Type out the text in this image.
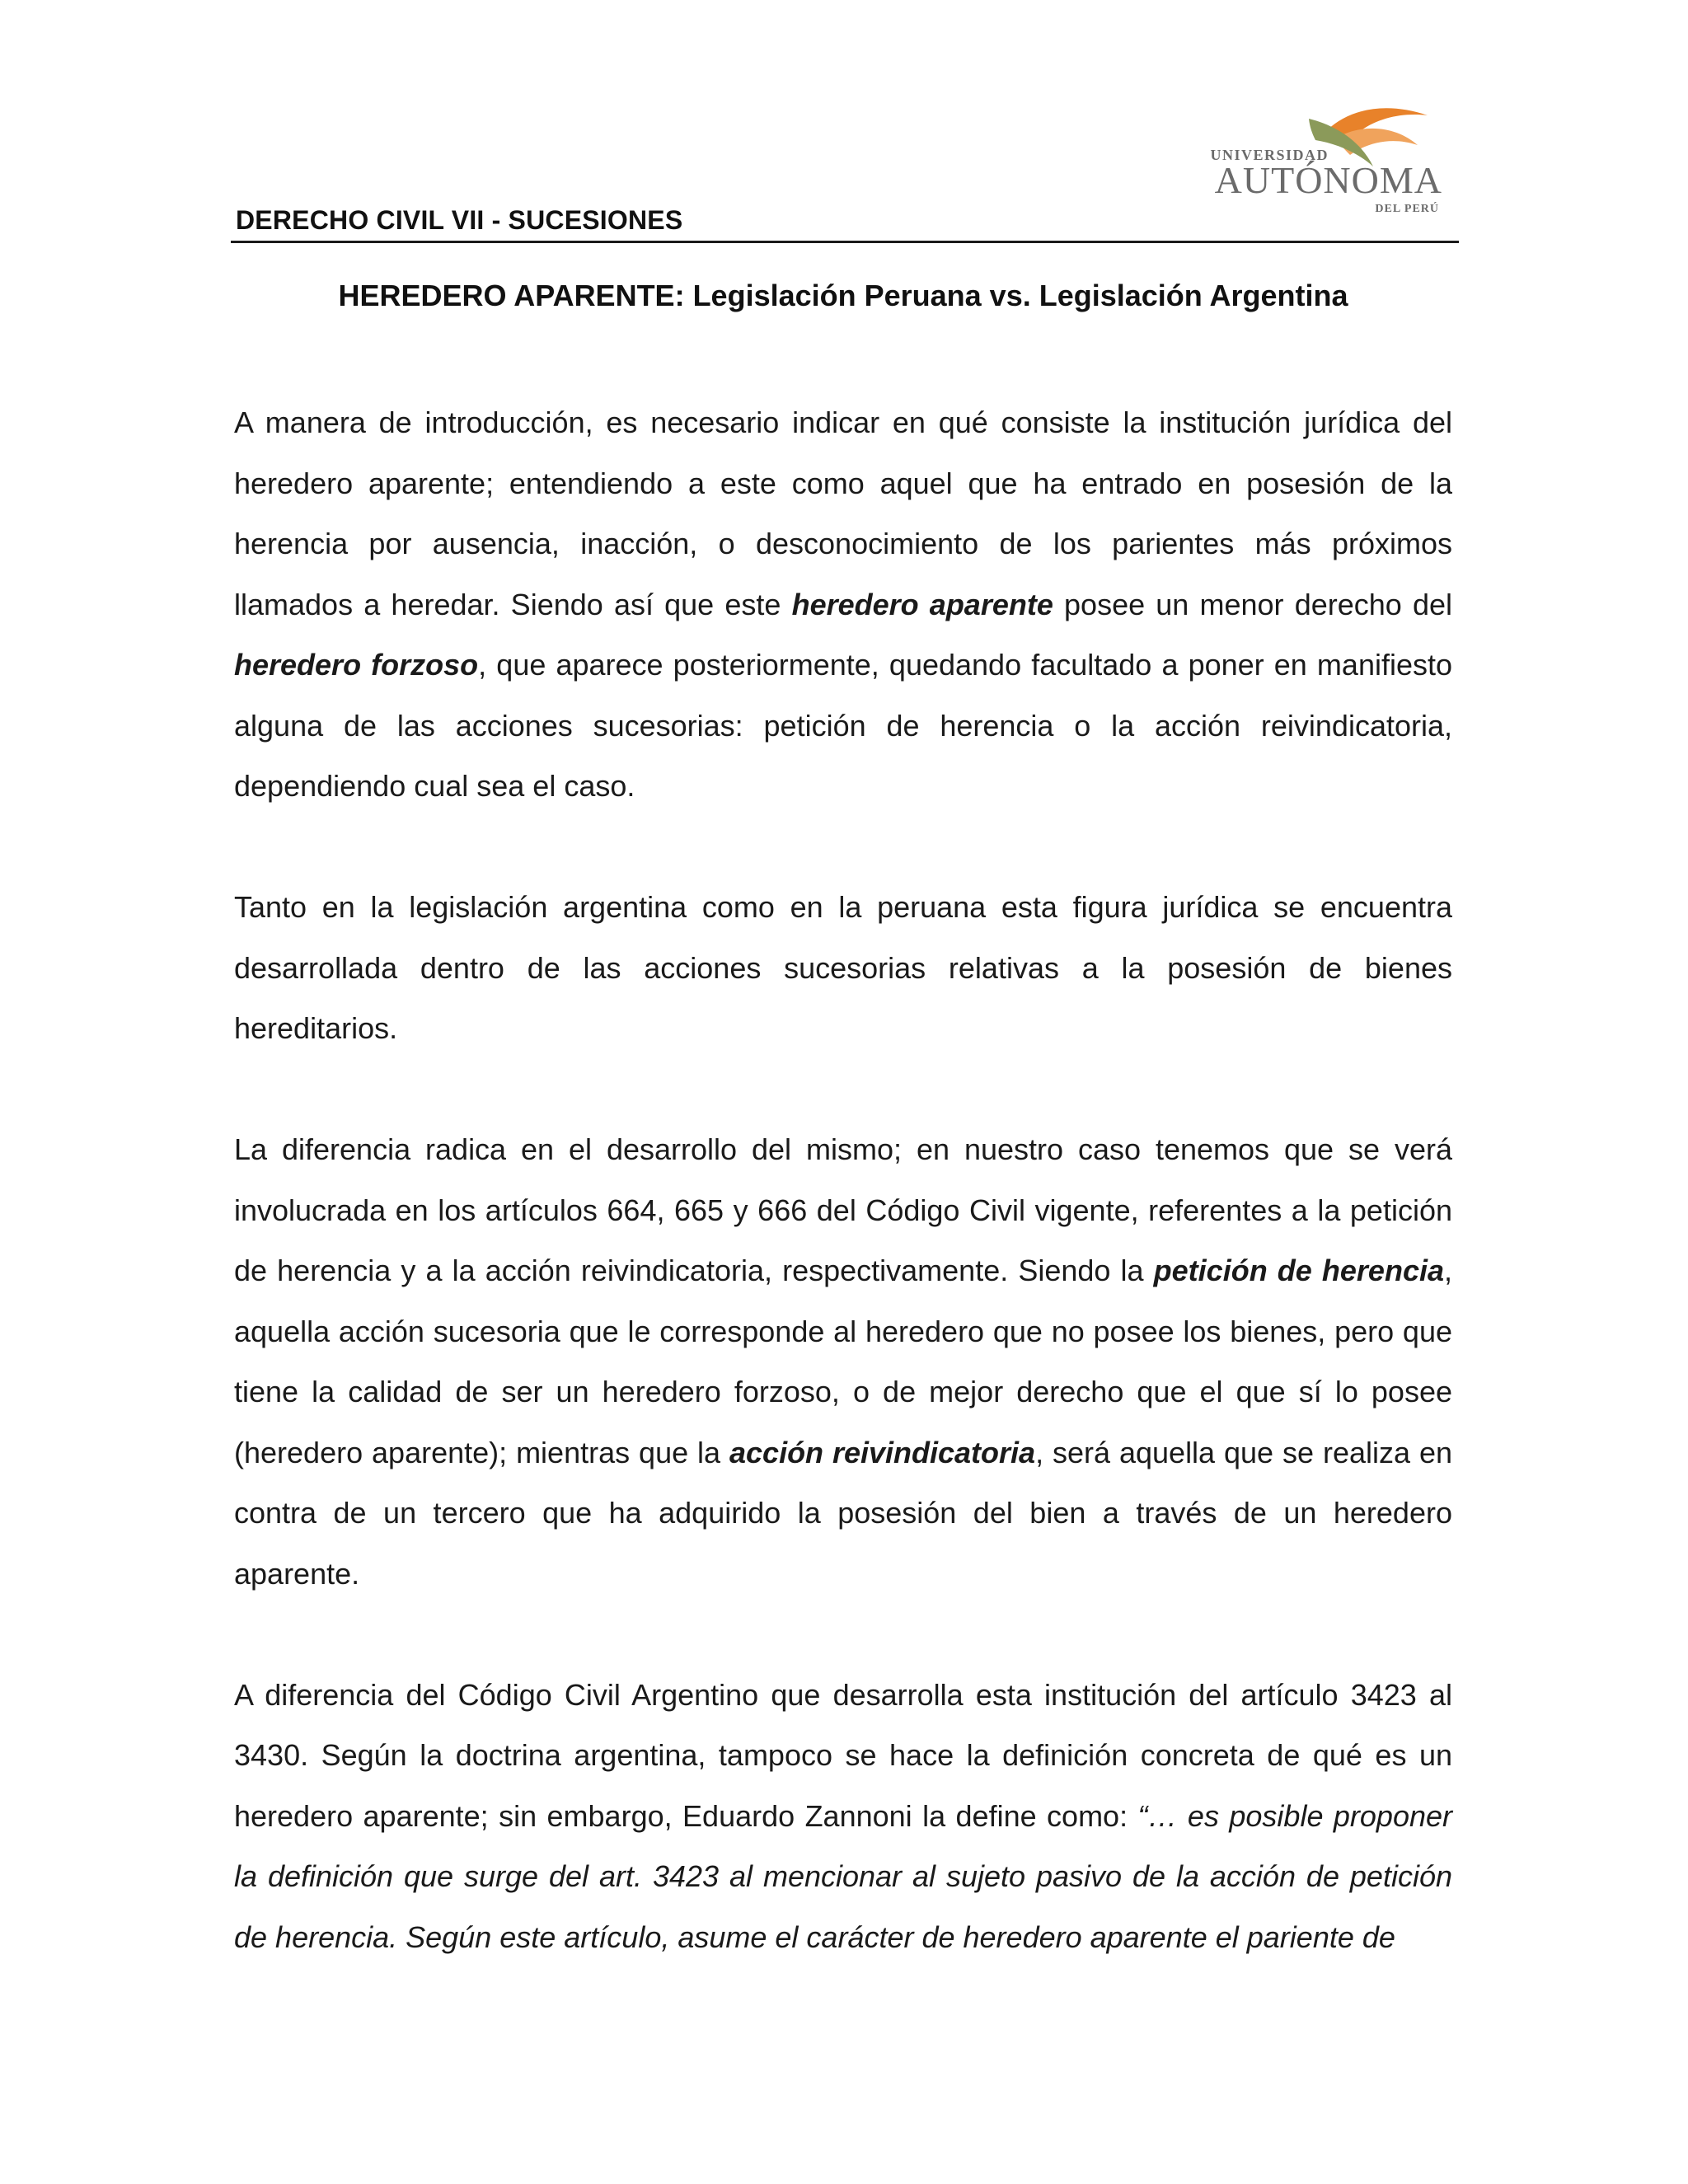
DERECHO CIVIL VII - SUCESIONES
UNIVERSIDAD
AUTÓNOMA
DEL PERÚ
HEREDERO APARENTE: Legislación Peruana vs. Legislación Argentina

A manera de introducción, es necesario indicar en qué consiste la institución jurídica del heredero aparente; entendiendo a este como aquel que ha entrado en posesión de la herencia por ausencia, inacción, o desconocimiento de los parientes más próximos llamados a heredar. Siendo así que este heredero aparente posee un menor derecho del heredero forzoso, que aparece posteriormente, quedando facultado a poner en manifiesto alguna de las acciones sucesorias: petición de herencia o la acción reivindicatoria, dependiendo cual sea el caso.

Tanto en la legislación argentina como en la peruana esta figura jurídica se encuentra desarrollada dentro de las acciones sucesorias relativas a la posesión de bienes hereditarios.

La diferencia radica en el desarrollo del mismo; en nuestro caso tenemos que se verá involucrada en los artículos 664, 665 y 666 del Código Civil vigente, referentes a la petición de herencia y a la acción reivindicatoria, respectivamente. Siendo la petición de herencia, aquella acción sucesoria que le corresponde al heredero que no posee los bienes, pero que tiene la calidad de ser un heredero forzoso, o de mejor derecho que el que sí lo posee (heredero aparente); mientras que la acción reivindicatoria, será aquella que se realiza en contra de un tercero que ha adquirido la posesión del bien a través de un heredero aparente.

A diferencia del Código Civil Argentino que desarrolla esta institución del artículo 3423 al 3430. Según la doctrina argentina, tampoco se hace la definición concreta de qué es un heredero aparente; sin embargo, Eduardo Zannoni la define como: “… es posible proponer la definición que surge del art. 3423 al mencionar al sujeto pasivo de la acción de petición de herencia. Según este artículo, asume el carácter de heredero aparente el pariente de
